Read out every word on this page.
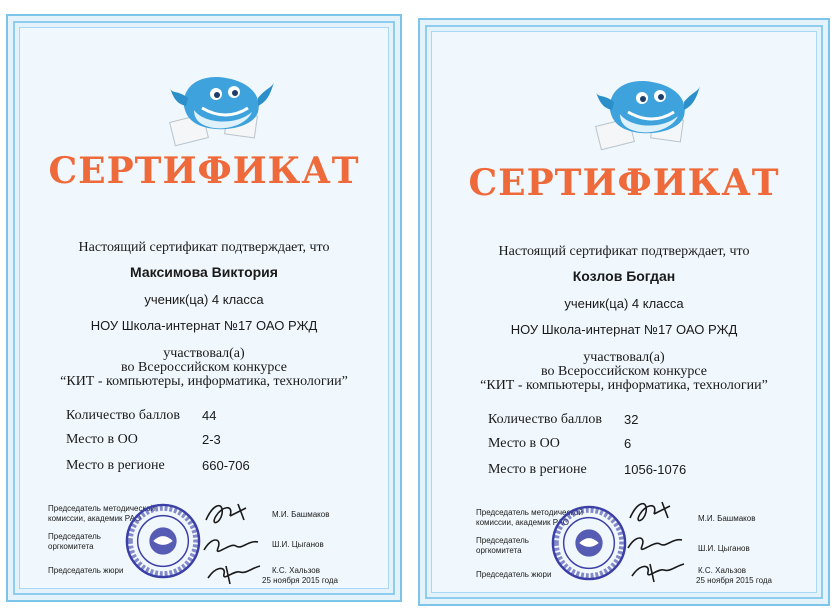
СЕРТИФИКАТ
Настоящий сертификат подтверждает, что
Максимова Виктория
ученик(ца) 4 класса
НОУ Школа-интернат №17 ОАО РЖД
участвовал(а)
во Всероссийском конкурсе
“КИТ - компьютеры, информатика, технологии”
Количество баллов 44
Место в ОО	2-3
Место в регионе	660-706
Председатель методической комиссии, академик РАО	М.И. Башмаков
Председатель оргкомитета	Ш.И. Цыганов
Председатель жюри	К.С. Хальзов
25 ноября 2015 года
СЕРТИФИКАТ
Настоящий сертификат подтверждает, что
Козлов Богдан
ученик(ца) 4 класса
НОУ Школа-интернат №17 ОАО РЖД
участвовал(а)
во Всероссийском конкурсе
“КИТ - компьютеры, информатика, технологии”
Количество баллов 32
Место в ОО	6
Место в регионе	1056-1076
Председатель методической комиссии, академик РАО	М.И. Башмаков
Председатель оргкомитета	Ш.И. Цыганов
Председатель жюри	К.С. Хальзов
25 ноября 2015 года
